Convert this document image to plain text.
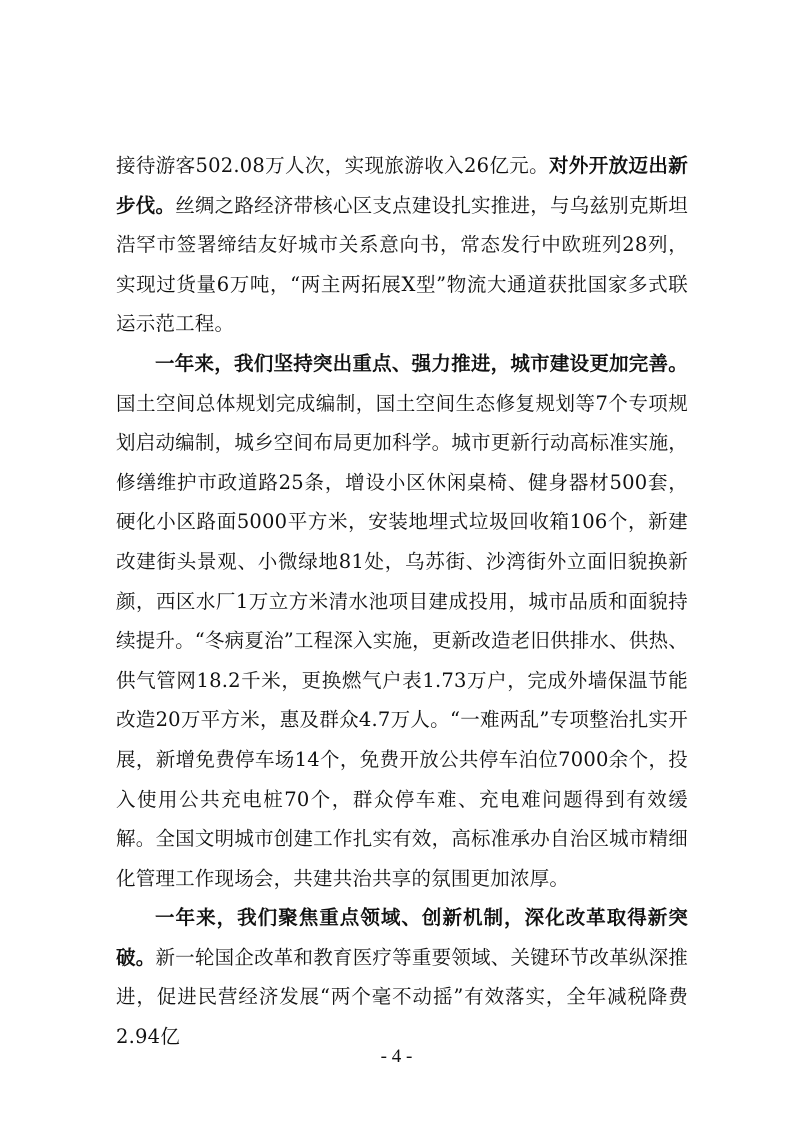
接待游客502.08万人次，实现旅游收入26亿元。对外开放迈出新步伐。丝绸之路经济带核心区支点建设扎实推进，与乌兹别克斯坦浩罕市签署缔结友好城市关系意向书，常态发行中欧班列28列，实现过货量6万吨，“两主两拓展X型”物流大通道获批国家多式联运示范工程。

一年来，我们坚持突出重点、强力推进，城市建设更加完善。国土空间总体规划完成编制，国土空间生态修复规划等7个专项规划启动编制，城乡空间布局更加科学。城市更新行动高标准实施，修缮维护市政道路25条，增设小区休闲桌椅、健身器材500套，硬化小区路面5000平方米，安装地埋式垃圾回收箱106个，新建改建街头景观、小微绿地81处，乌苏街、沙湾街外立面旧貌换新颜，西区水厂1万立方米清水池项目建成投用，城市品质和面貌持续提升。“冬病夏治”工程深入实施，更新改造老旧供排水、供热、供气管网18.2千米，更换燃气户表1.73万户，完成外墙保温节能改造20万平方米，惠及群众4.7万人。“一难两乱”专项整治扎实开展，新增免费停车场14个，免费开放公共停车泊位7000余个，投入使用公共充电桩70个，群众停车难、充电难问题得到有效缓解。全国文明城市创建工作扎实有效，高标准承办自治区城市精细化管理工作现场会，共建共治共享的氛围更加浓厚。

一年来，我们聚焦重点领域、创新机制，深化改革取得新突破。新一轮国企改革和教育医疗等重要领域、关键环节改革纵深推进，促进民营经济发展“两个毫不动摇”有效落实，全年减税降费2.94亿

- 4 -
